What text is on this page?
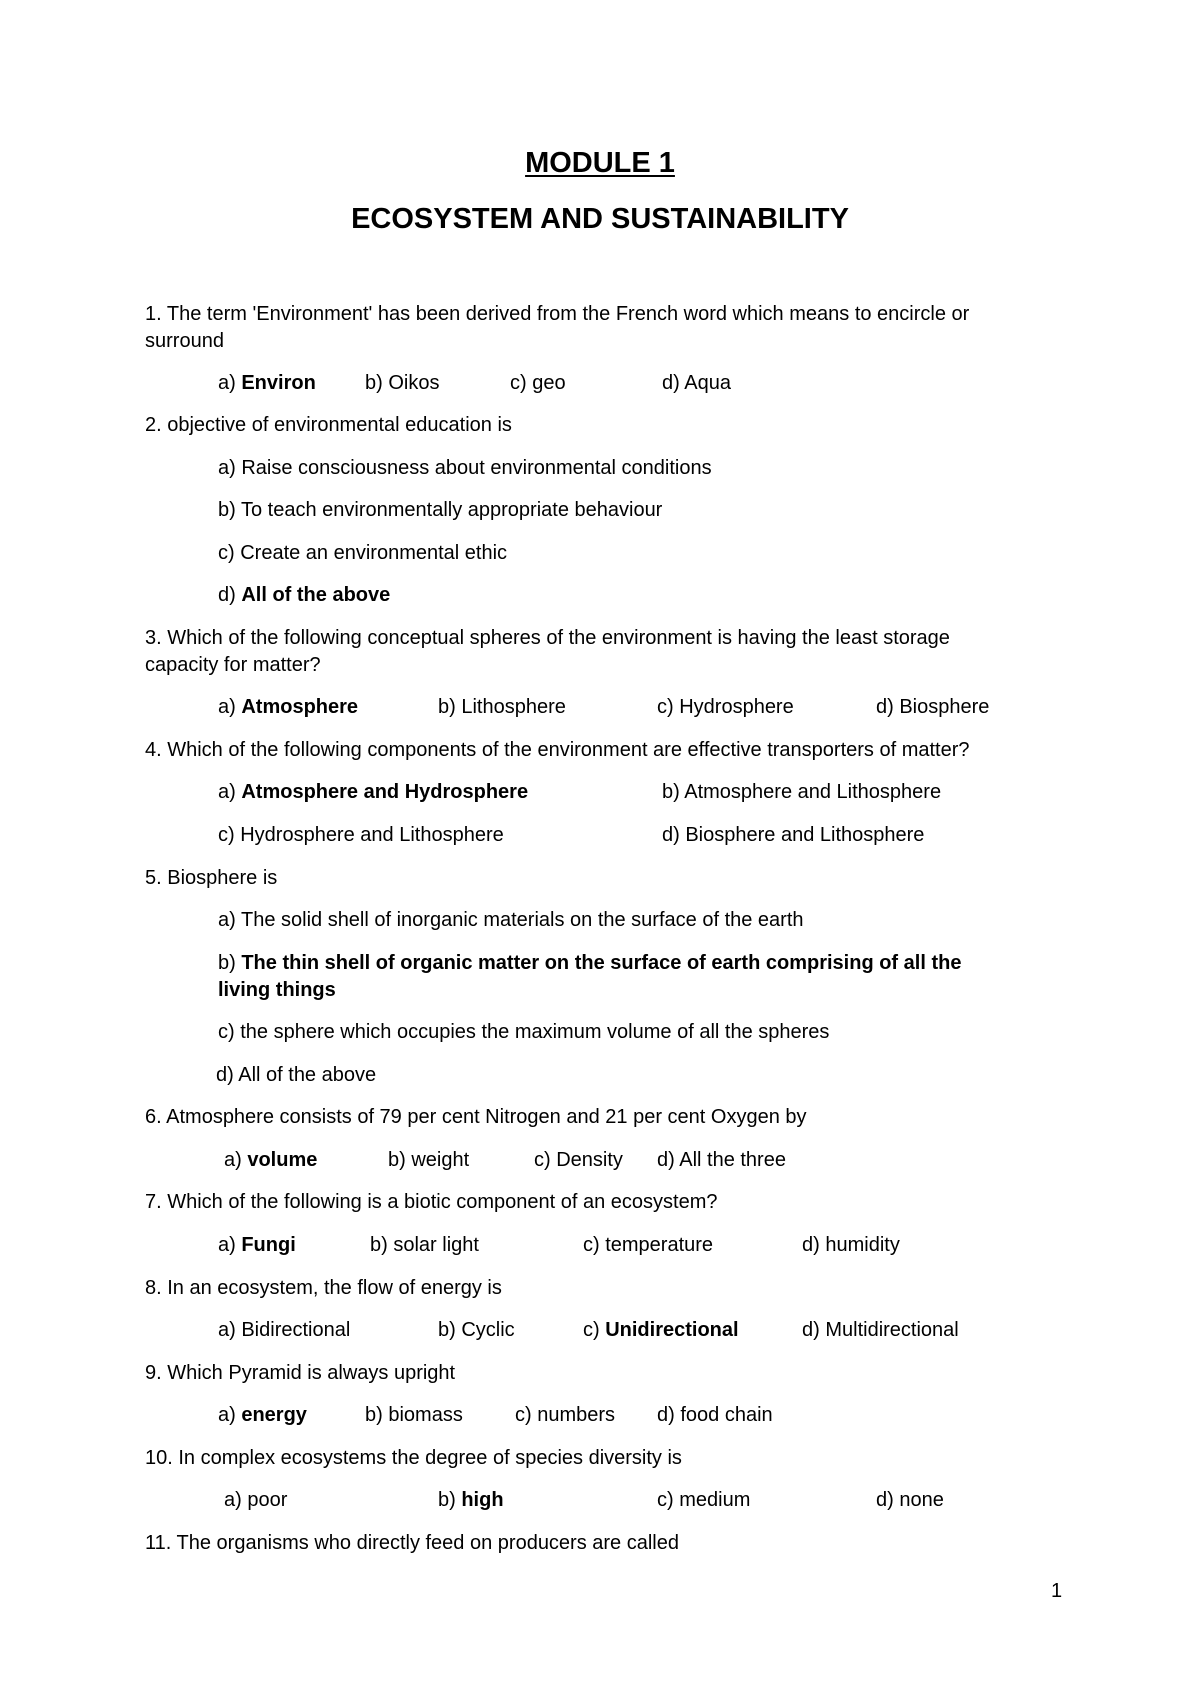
MODULE 1
ECOSYSTEM AND SUSTAINABILITY
1. The term 'Environment' has been derived from the French word which means to encircle or
surround
a) Environ b) Oikos	c) geo	d) Aqua
2. objective of environmental education is
a) Raise consciousness about environmental conditions
b) To teach environmentally appropriate behaviour
c) Create an environmental ethic
d) All of the above
3. Which of the following conceptual spheres of the environment is having the least storage
capacity for matter?
a) Atmosphere	b) Lithosphere	c) Hydrosphere	d) Biosphere
4. Which of the following components of the environment are effective transporters of matter?
a) Atmosphere and Hydrosphere	b) Atmosphere and Lithosphere
c) Hydrosphere and Lithosphere	d) Biosphere and Lithosphere
5. Biosphere is
a) The solid shell of inorganic materials on the surface of the earth
b) The thin shell of organic matter on the surface of earth comprising of all the
living things
c) the sphere which occupies the maximum volume of all the spheres
d) All of the above
6. Atmosphere consists of 79 per cent Nitrogen and 21 per cent Oxygen by
a) volume	b) weight	c) Density d) All the three
7. Which of the following is a biotic component of an ecosystem?
a) Fungi	b) solar light	c) temperature	d) humidity
8. In an ecosystem, the flow of energy is
a) Bidirectional	b) Cyclic	c) Unidirectional	d) Multidirectional
9. Which Pyramid is always upright
a) energy	b) biomass	c) numbers d) food chain
10. In complex ecosystems the degree of species diversity is
a) poor	b) high	c) medium	d) none
11. The organisms who directly feed on producers are called
1
